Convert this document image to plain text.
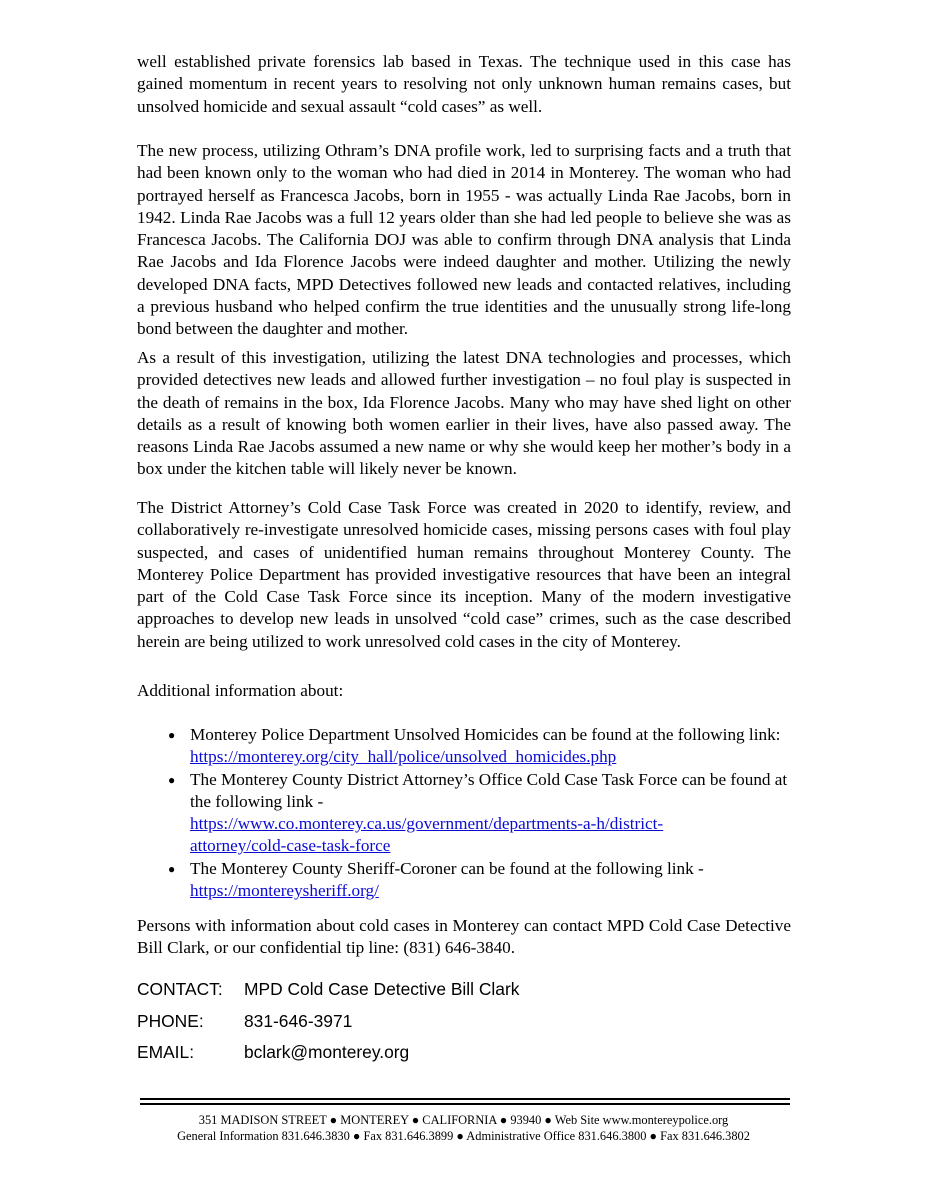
well established private forensics lab based in Texas. The technique used in this case has gained momentum in recent years to resolving not only unknown human remains cases, but unsolved homicide and sexual assault “cold cases” as well.

The new process, utilizing Othram’s DNA profile work, led to surprising facts and a truth that had been known only to the woman who had died in 2014 in Monterey. The woman who had portrayed herself as Francesca Jacobs, born in 1955 - was actually Linda Rae Jacobs, born in 1942. Linda Rae Jacobs was a full 12 years older than she had led people to believe she was as Francesca Jacobs. The California DOJ was able to confirm through DNA analysis that Linda Rae Jacobs and Ida Florence Jacobs were indeed daughter and mother. Utilizing the newly developed DNA facts, MPD Detectives followed new leads and contacted relatives, including a previous husband who helped confirm the true identities and the unusually strong life-long bond between the daughter and mother.

As a result of this investigation, utilizing the latest DNA technologies and processes, which provided detectives new leads and allowed further investigation – no foul play is suspected in the death of remains in the box, Ida Florence Jacobs. Many who may have shed light on other details as a result of knowing both women earlier in their lives, have also passed away. The reasons Linda Rae Jacobs assumed a new name or why she would keep her mother’s body in a box under the kitchen table will likely never be known.

The District Attorney’s Cold Case Task Force was created in 2020 to identify, review, and collaboratively re-investigate unresolved homicide cases, missing persons cases with foul play suspected, and cases of unidentified human remains throughout Monterey County. The Monterey Police Department has provided investigative resources that have been an integral part of the Cold Case Task Force since its inception. Many of the modern investigative approaches to develop new leads in unsolved “cold case” crimes, such as the case described herein are being utilized to work unresolved cold cases in the city of Monterey.

Additional information about:

● Monterey Police Department Unsolved Homicides can be found at the following link: https://monterey.org/city_hall/police/unsolved_homicides.php
● The Monterey County District Attorney’s Office Cold Case Task Force can be found at the following link -
https://www.co.monterey.ca.us/government/departments-a-h/district-
attorney/cold-case-task-force
● The Monterey County Sheriff-Coroner can be found at the following link -
https://montereysheriff.org/

Persons with information about cold cases in Monterey can contact MPD Cold Case Detective Bill Clark, or our confidential tip line: (831) 646-3840.

CONTACT: MPD Cold Case Detective Bill Clark
PHONE: 831-646-3971
EMAIL:	bclark@monterey.org
351 MADISON STREET ● MONTEREY ● CALIFORNIA ● 93940 ● Web Site www.montereypolice.org
General Information 831.646.3830 ● Fax 831.646.3899 ● Administrative Office 831.646.3800 ● Fax 831.646.3802
